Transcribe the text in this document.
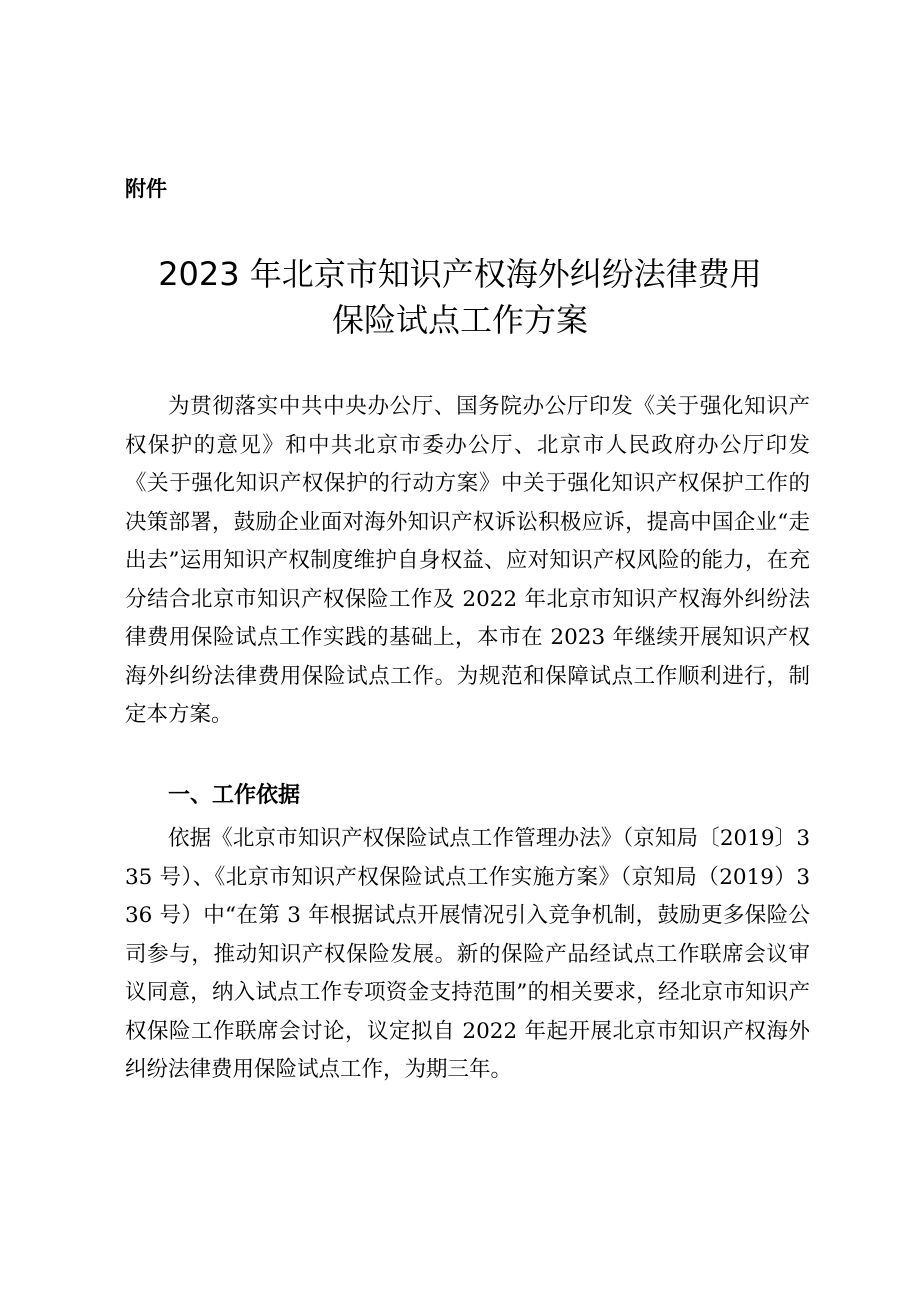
附件
2023 年北京市知识产权海外纠纷法律费用
保险试点工作方案

为贯彻落实中共中央办公厅、国务院办公厅印发《关于强化知识产权保护的意见》和中共北京市委办公厅、北京市人民政府办公厅印发《关于强化知识产权保护的行动方案》中关于强化知识产权保护工作的决策部署，鼓励企业面对海外知识产权诉讼积极应诉，提高中国企业“走出去”运用知识产权制度维护自身权益、应对知识产权风险的能力，在充分结合北京市知识产权保险工作及 2022 年北京市知识产权海外纠纷法律费用保险试点工作实践的基础上，本市在 2023 年继续开展知识产权海外纠纷法律费用保险试点工作。为规范和保障试点工作顺利进行，制定本方案。

一、工作依据

依据《北京市知识产权保险试点工作管理办法》（京知局〔2019〕335 号）、《北京市知识产权保险试点工作实施方案》（京知局（2019）336 号）中“在第 3 年根据试点开展情况引入竞争机制，鼓励更多保险公司参与，推动知识产权保险发展。新的保险产品经试点工作联席会议审议同意，纳入试点工作专项资金支持范围”的相关要求，经北京市知识产权保险工作联席会讨论，议定拟自 2022 年起开展北京市知识产权海外纠纷法律费用保险试点工作，为期三年。
